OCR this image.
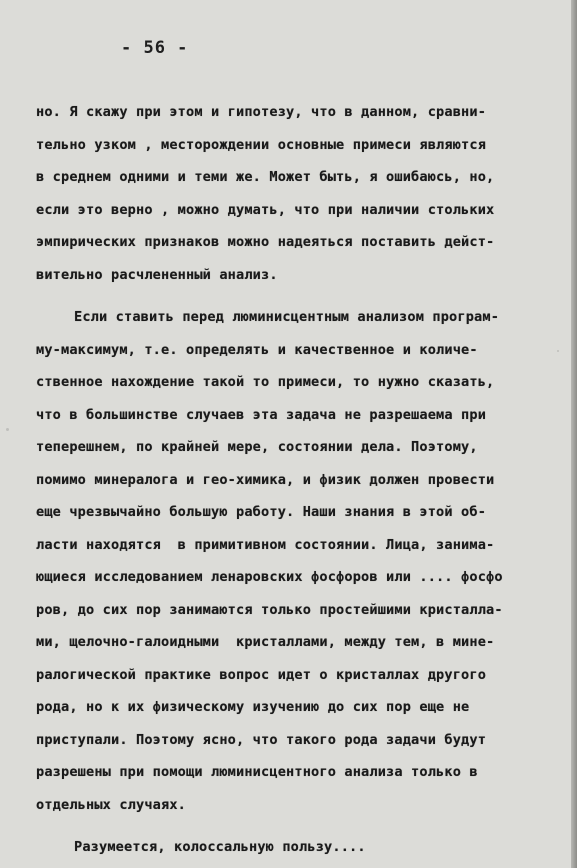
- 56 -
но. Я скажу при этом и гипотезу, что в данном, сравни-
тельно узком , месторождении основные примеси являются
в среднем одними и теми же. Может быть, я ошибаюсь, но,
если это верно , можно думать, что при наличии стольких
эмпирических признаков можно надеяться поставить дейст-
вительно расчлененный анализ.
Если ставить перед люминисцентным анализом програм-
му-максимум, т.е. определять и качественное и количе-
ственное нахождение такой то примеси, то нужно сказать,
что в большинстве случаев эта задача не разрешаема при
теперешнем, по крайней мере, состоянии дела. Поэтому,
помимо минералога и гео-химика, и физик должен провести
еще чрезвычайно большую работу. Наши знания в этой об-
ласти находятся  в примитивном состоянии. Лица, занима-
ющиеся исследованием ленаровских фосфоров или .... фосфо
ров, до сих пор занимаются только простейшими кристалла-
ми, щелочно-галоидными  кристаллами, между тем, в мине-
ралогической практике вопрос идет о кристаллах другого
рода, но к их физическому изучению до сих пор еще не
приступали. Поэтому ясно, что такого рода задачи будут
разрешены при помощи люминисцентного анализа только в
отдельных случаях.
Разумеется, колоссальную пользу....
